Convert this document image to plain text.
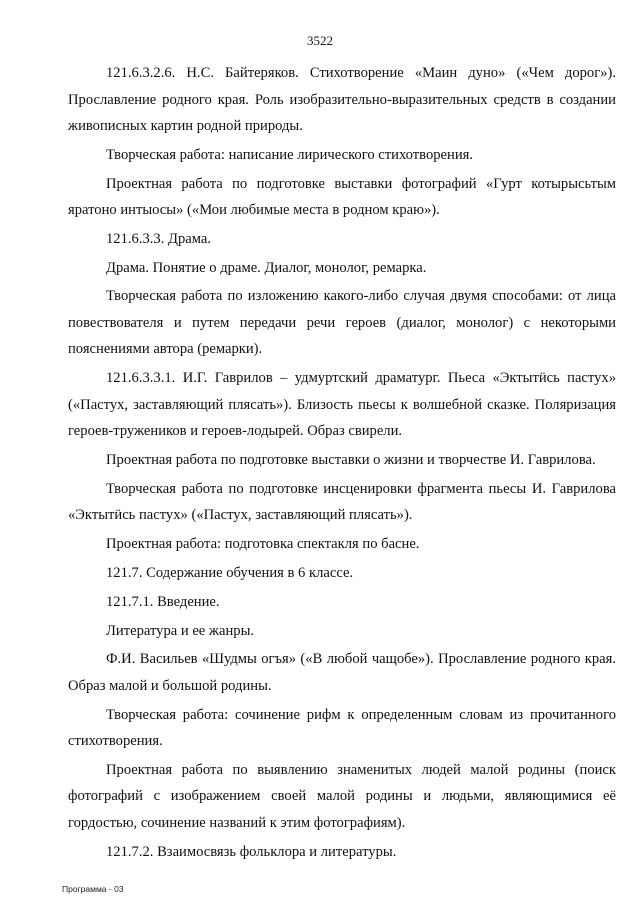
3522

121.6.3.2.6. Н.С. Байтеряков. Стихотворение «Маин дуно» («Чем дорог»). Прославление родного края. Роль изобразительно-выразительных средств в создании живописных картин родной природы.

Творческая работа: написание лирического стихотворения.

Проектная работа по подготовке выставки фотографий «Гурт котырысьтым яратоно интыосы» («Мои любимые места в родном краю»).

121.6.3.3. Драма.

Драма. Понятие о драме. Диалог, монолог, ремарка.

Творческая работа по изложению какого-либо случая двумя способами: от лица повествователя и путем передачи речи героев (диалог, монолог) с некоторыми пояснениями автора (ремарки).

121.6.3.3.1. И.Г. Гаврилов – удмуртский драматург. Пьеса «Эктытӥсь пастух» («Пастух, заставляющий плясать»). Близость пьесы к волшебной сказке. Поляризация героев-тружеников и героев-лодырей. Образ свирели.

Проектная работа по подготовке выставки о жизни и творчестве И. Гаврилова.

Творческая работа по подготовке инсценировки фрагмента пьесы И. Гаврилова «Эктытӥсь пастух» («Пастух, заставляющий плясать»).

Проектная работа: подготовка спектакля по басне.

121.7. Содержание обучения в 6 классе.

121.7.1. Введение.

Литература и ее жанры.

Ф.И. Васильев «Шудмы огъя» («В любой чащобе»). Прославление родного края. Образ малой и большой родины.

Творческая работа: сочинение рифм к определенным словам из прочитанного стихотворения.

Проектная работа по выявлению знаменитых людей малой родины (поиск фотографий с изображением своей малой родины и людьми, являющимися её гордостью, сочинение названий к этим фотографиям).

121.7.2. Взаимосвязь фольклора и литературы.

Программа - 03
